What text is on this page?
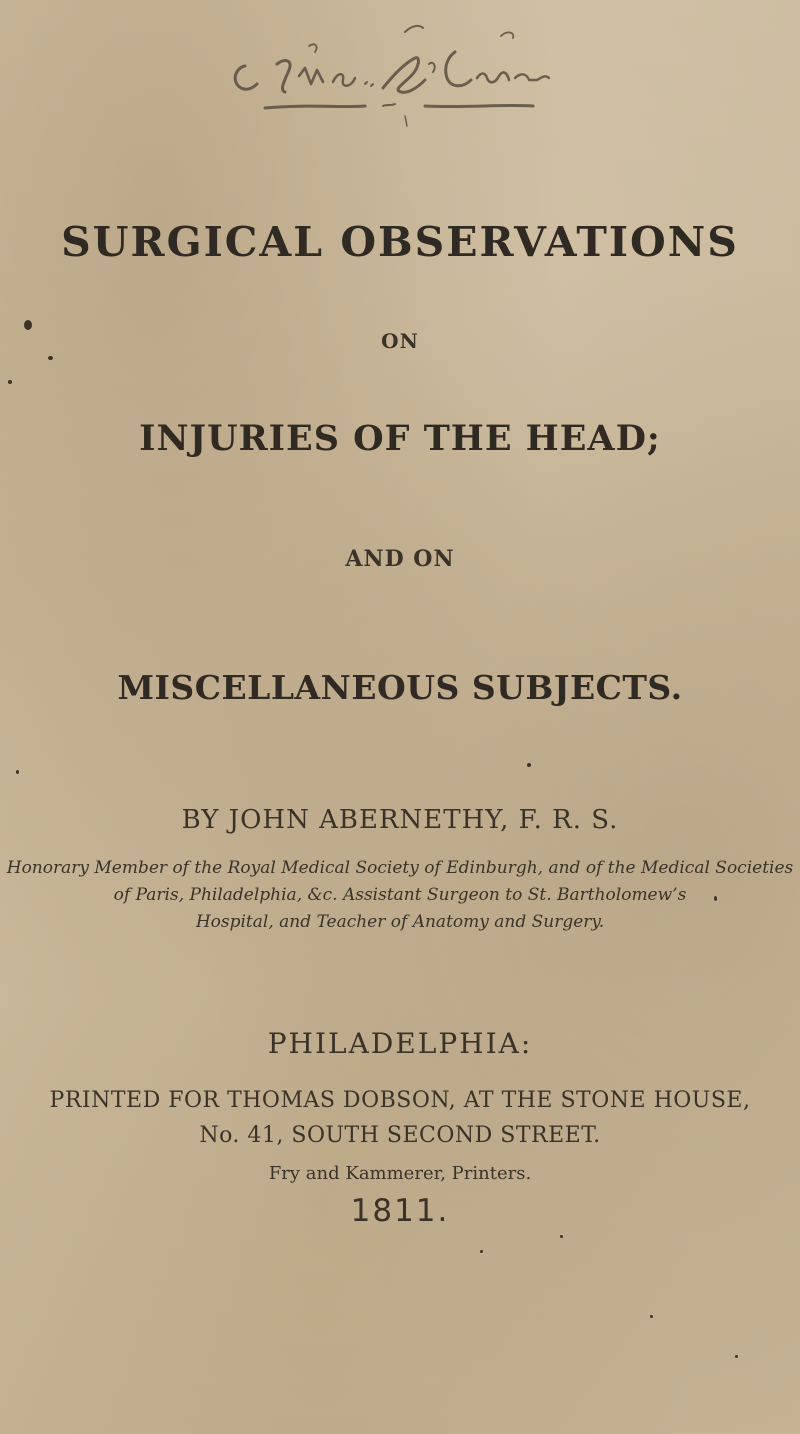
SURGICAL OBSERVATIONS
ON
INJURIES OF THE HEAD;
AND ON
MISCELLANEOUS SUBJECTS.
BY JOHN ABERNETHY, F. R. S.
Honorary Member of the Royal Medical Society of Edinburgh, and of the Medical Societies
of Paris, Philadelphia, &c. Assistant Surgeon to St. Bartholomew’s
Hospital, and Teacher of Anatomy and Surgery.
PHILADELPHIA:
PRINTED FOR THOMAS DOBSON, AT THE STONE HOUSE,
No. 41, SOUTH SECOND STREET.
Fry and Kammerer, Printers.
1811.
